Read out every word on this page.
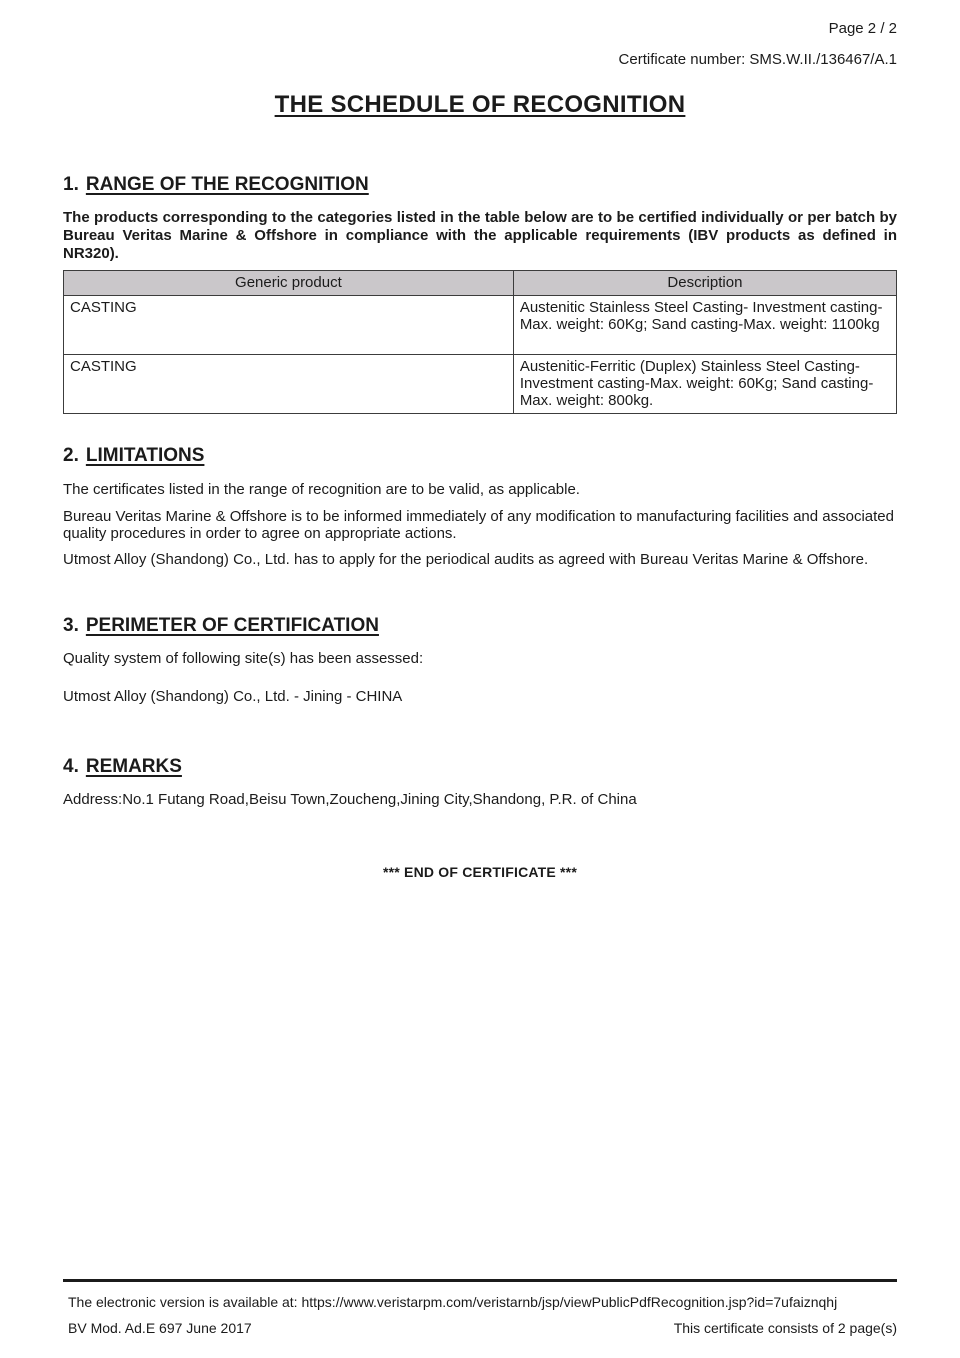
Page 2 / 2
Certificate number: SMS.W.II./136467/A.1
THE SCHEDULE OF RECOGNITION
1. RANGE OF THE RECOGNITION

The products corresponding to the categories listed in the table below are to be certified individually or per batch by Bureau Veritas Marine & Offshore in compliance with the applicable requirements (IBV products as defined in NR320).

Generic product	Description
CASTING	Austenitic Stainless Steel Casting- Investment casting-Max. weight: 60Kg; Sand casting-Max. weight: 1100kg
CASTING	Austenitic-Ferritic (Duplex) Stainless Steel Casting- Investment casting-Max. weight: 60Kg; Sand casting-Max. weight: 800kg.
2. LIMITATIONS

The certificates listed in the range of recognition are to be valid, as applicable.

Bureau Veritas Marine & Offshore is to be informed immediately of any modification to manufacturing facilities and associated quality procedures in order to agree on appropriate actions.

Utmost Alloy (Shandong) Co., Ltd. has to apply for the periodical audits as agreed with Bureau Veritas Marine & Offshore.

3. PERIMETER OF CERTIFICATION

Quality system of following site(s) has been assessed:

Utmost Alloy (Shandong) Co., Ltd. - Jining - CHINA

4. REMARKS

Address:No.1 Futang Road,Beisu Town,Zoucheng,Jining City,Shandong, P.R. of China

*** END OF CERTIFICATE ***

The electronic version is available at: https://www.veristarpm.com/veristarnb/jsp/viewPublicPdfRecognition.jsp?id=7ufaiznqhj

BV Mod. Ad.E 697 June 2017	This certificate consists of 2 page(s)
